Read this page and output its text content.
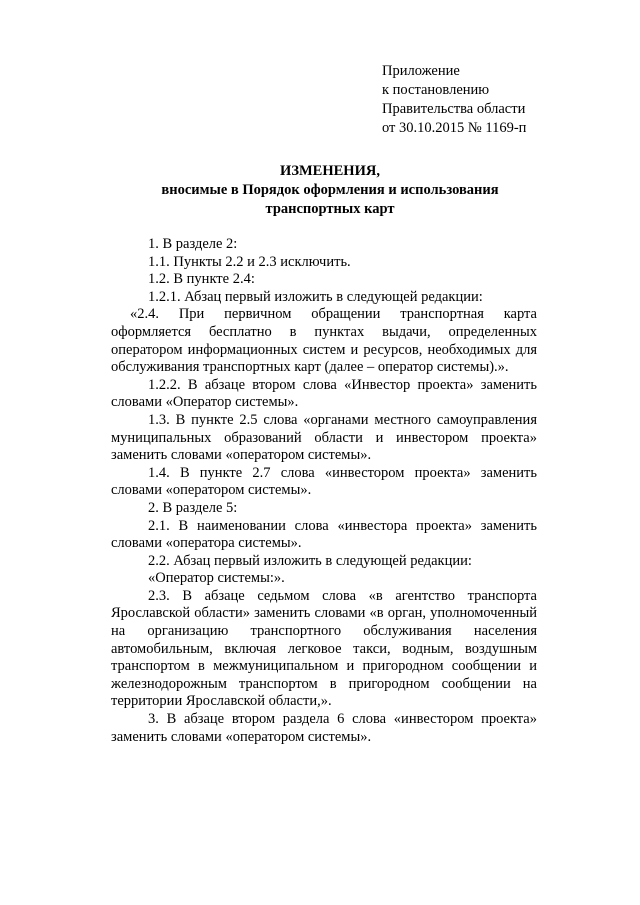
Приложение
к постановлению
Правительства области
от 30.10.2015 № 1169-п
ИЗМЕНЕНИЯ,
вносимые в Порядок оформления и использования
транспортных карт

1. В разделе 2:

1.1. Пункты 2.2 и 2.3 исключить.

1.2. В пункте 2.4:

1.2.1. Абзац первый изложить в следующей редакции:

«2.4. При первичном обращении транспортная карта оформляется бесплатно в пунктах выдачи, определенных оператором информационных систем и ресурсов, необходимых для обслуживания транспортных карт (далее – оператор системы).».

1.2.2. В абзаце втором слова «Инвестор проекта» заменить словами «Оператор системы».

1.3. В пункте 2.5 слова «органами местного самоуправления муниципальных образований области и инвестором проекта» заменить словами «оператором системы».

1.4. В пункте 2.7 слова «инвестором проекта» заменить словами «оператором системы».

2. В разделе 5:

2.1. В наименовании слова «инвестора проекта» заменить словами «оператора системы».

2.2. Абзац первый изложить в следующей редакции:

«Оператор системы:».

2.3. В абзаце седьмом слова «в агентство транспорта Ярославской области» заменить словами «в орган, уполномоченный на организацию транспортного обслуживания населения автомобильным, включая легковое такси, водным, воздушным транспортом в межмуниципальном и пригородном сообщении и железнодорожным транспортом в пригородном сообщении на территории Ярославской области,».

3. В абзаце втором раздела 6 слова «инвестором проекта» заменить словами «оператором системы».
